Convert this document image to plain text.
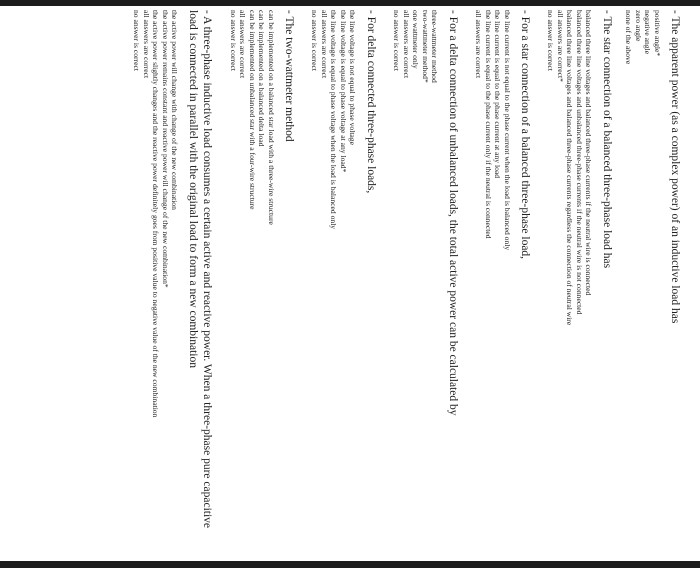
- The apparent power (as a complex power) of an inductive load has

positive angle*
negative angle
zero angle
none of the above

- The star connection of a balanced three-phase load has

balanced three line voltages and balanced three-phase currents if the neutral wire is connected
balanced three line voltages and unbalanced three-phase currents if the neutral wire is not connected
balanced three line voltages and balanced three-phase currents regardless the connection of neutral wire
all answers are correct*
no answer is correct

- For a star connection of a balanced three-phase load,

the line current is not equal to the phase current when the load is balanced only
the line current is equal to the phase current at any load
the line current is equal to the phase current only if the neutral is connected
all answers are correct

- For a delta connection of unbalanced loads, the total active power can be calculated by

three-wattmeter method
two-wattmeter method*
one wattmeter only
all answers are correct
no answer is correct

- For delta connected three-phase loads,

the line voltage is not equal to phase voltage
the line voltage is equal to phase voltage at any load*
the line voltage is equal to phase voltage when the load is balanced only
all answers are correct
no answer is correct

- The two-wattmeter method

can be implemented on a balanced star load with a three-wire structure
can be implemented on a balanced delta load
can be implemented on unbalanced star with a four-wire structure
all answers are correct
no answer is correct

- A three-phase inductive load consumes a certain active and reactive power. When a three-phase pure capacitive load is connected in parallel with the original load to form a new combination

the active power will change with change of the new combination
the active power remains constant and reactive power will change of the new combination*
the active power slightly changes and the reactive power definitely goes from positive value to negative value of the new combination
all answers are correct
no answer is correct
